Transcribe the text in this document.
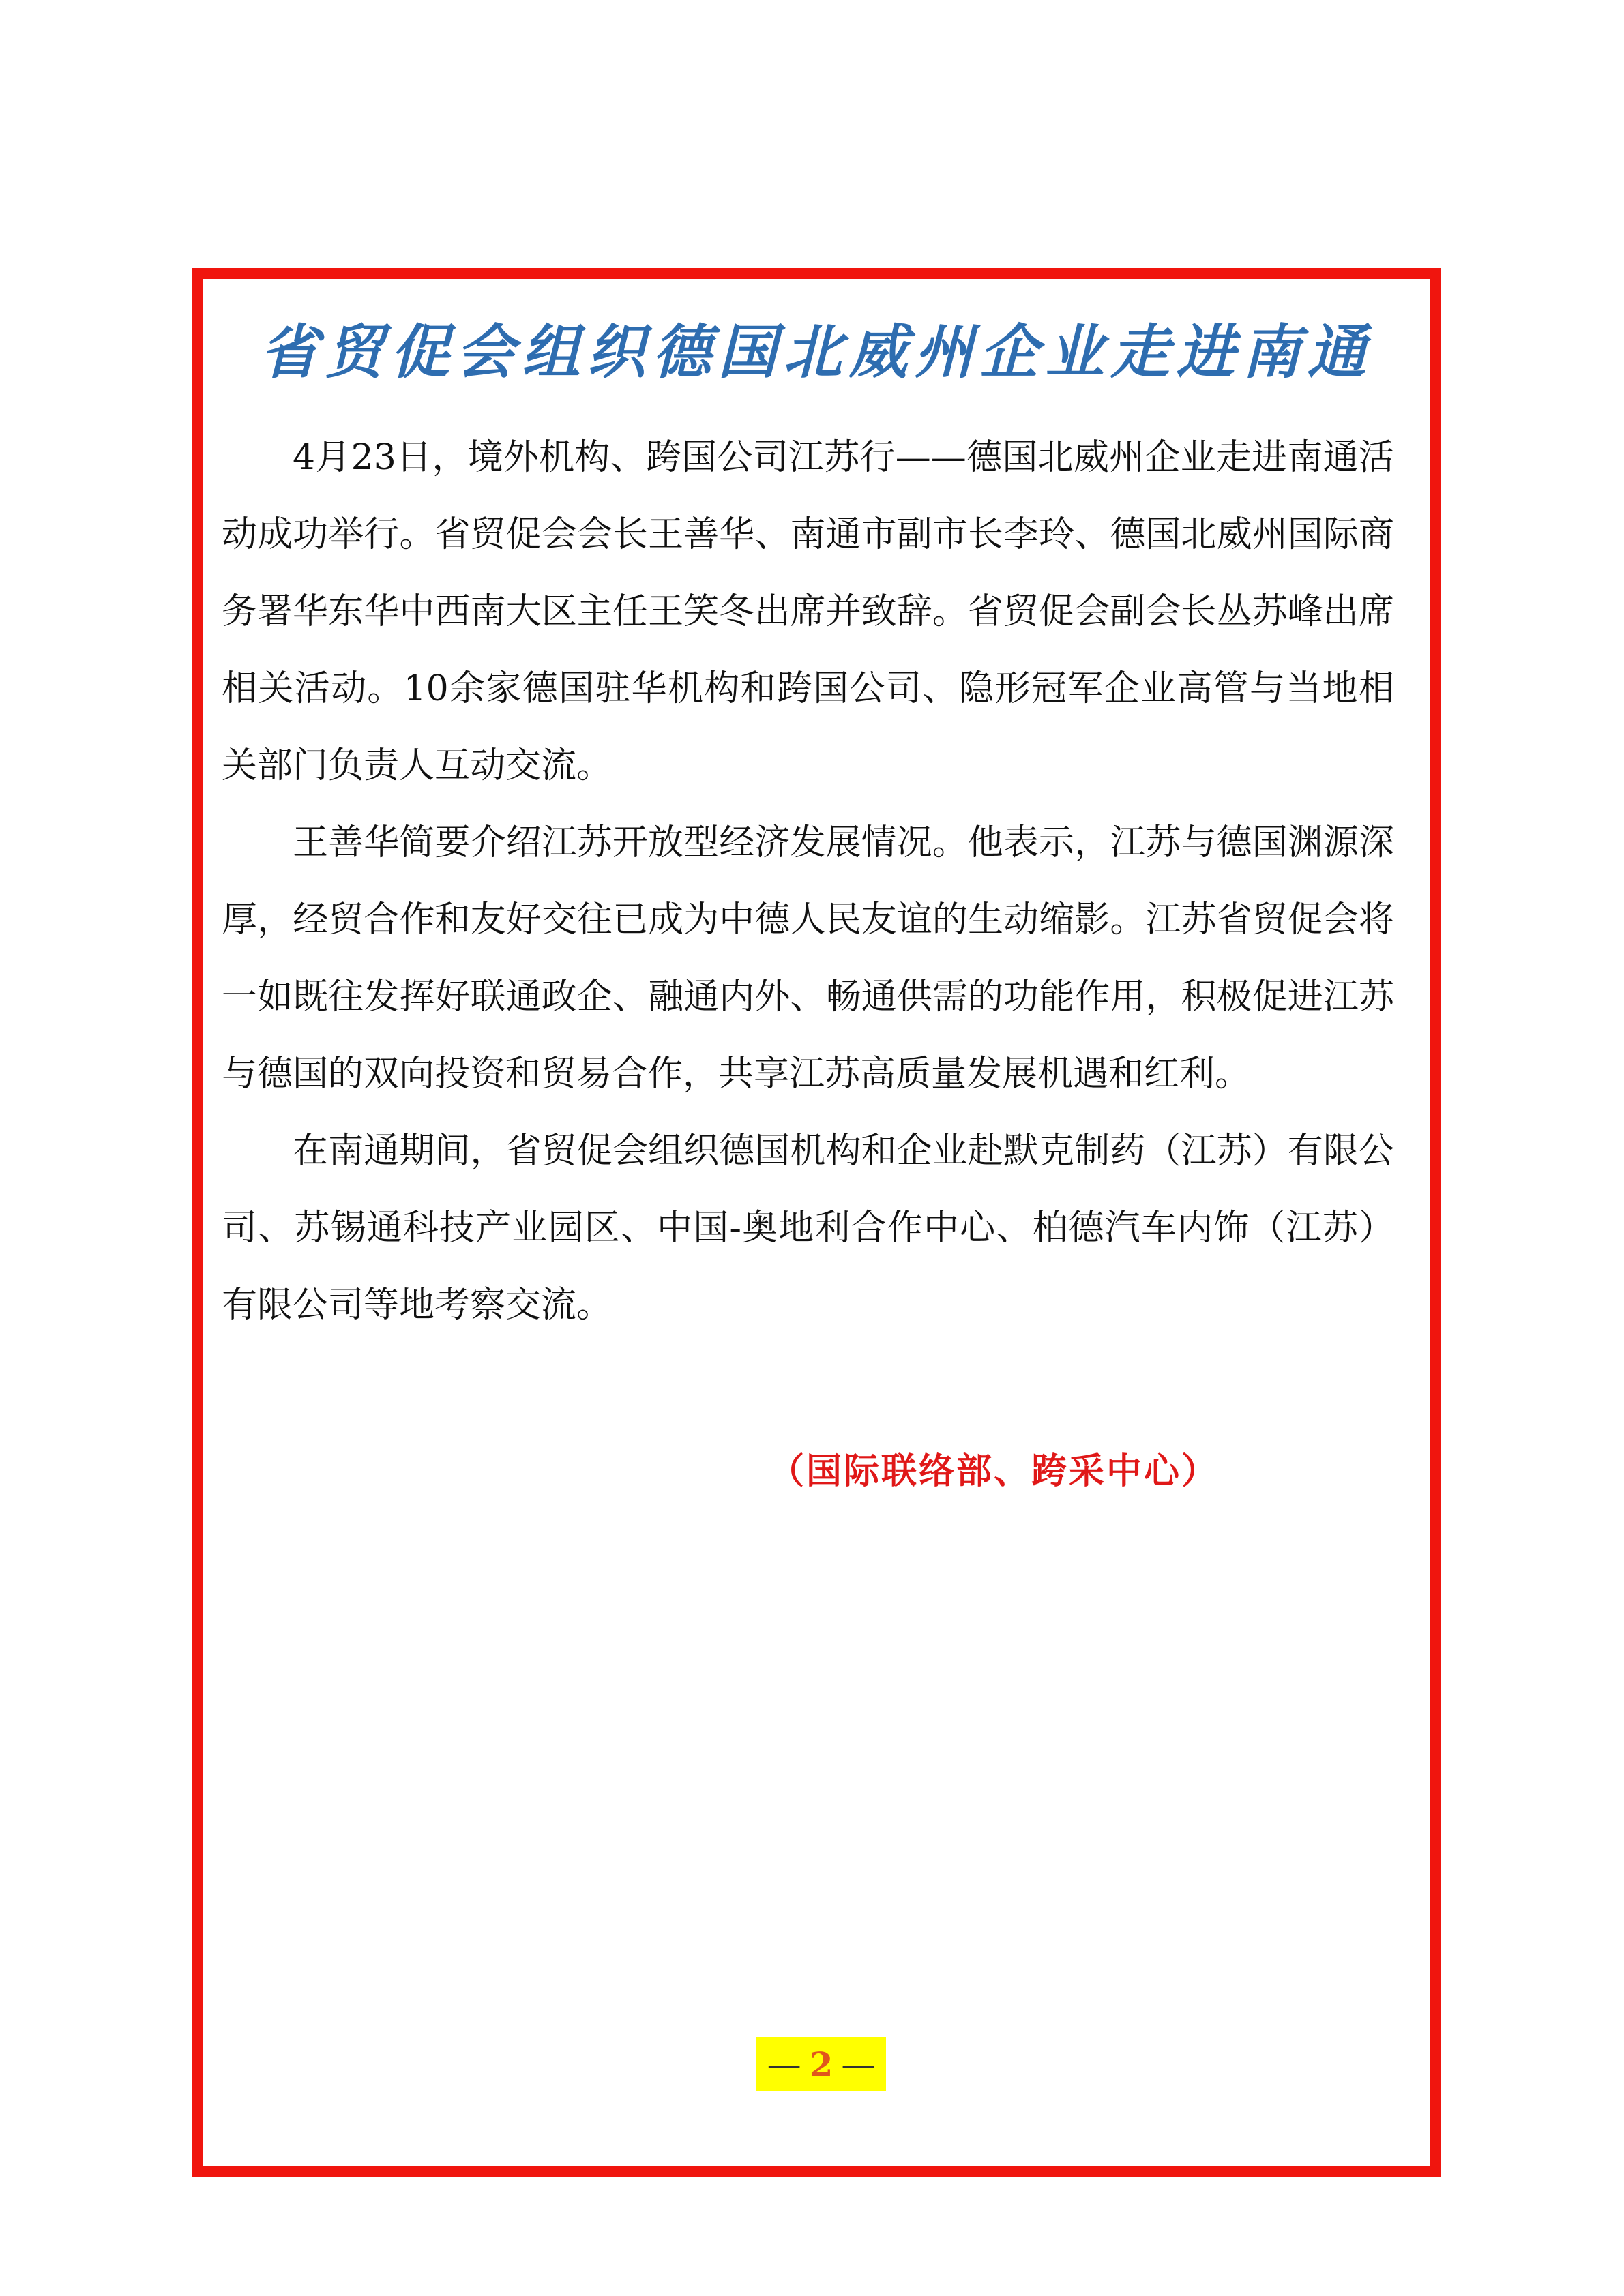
省贸促会组织德国北威州企业走进南通

4月23日，境外机构、跨国公司江苏行——德国北威州企业走进南通活动成功举行。省贸促会会长王善华、南通市副市长李玲、德国北威州国际商务署华东华中西南大区主任王笑冬出席并致辞。省贸促会副会长丛苏峰出席相关活动。10余家德国驻华机构和跨国公司、隐形冠军企业高管与当地相关部门负责人互动交流。

王善华简要介绍江苏开放型经济发展情况。他表示，江苏与德国渊源深厚，经贸合作和友好交往已成为中德人民友谊的生动缩影。江苏省贸促会将一如既往发挥好联通政企、融通内外、畅通供需的功能作用，积极促进江苏与德国的双向投资和贸易合作，共享江苏高质量发展机遇和红利。

在南通期间，省贸促会组织德国机构和企业赴默克制药（江苏）有限公司、苏锡通科技产业园区、中国-奥地利合作中心、柏德汽车内饰（江苏）有限公司等地考察交流。

（国际联络部、跨采中心）
— 2 —
